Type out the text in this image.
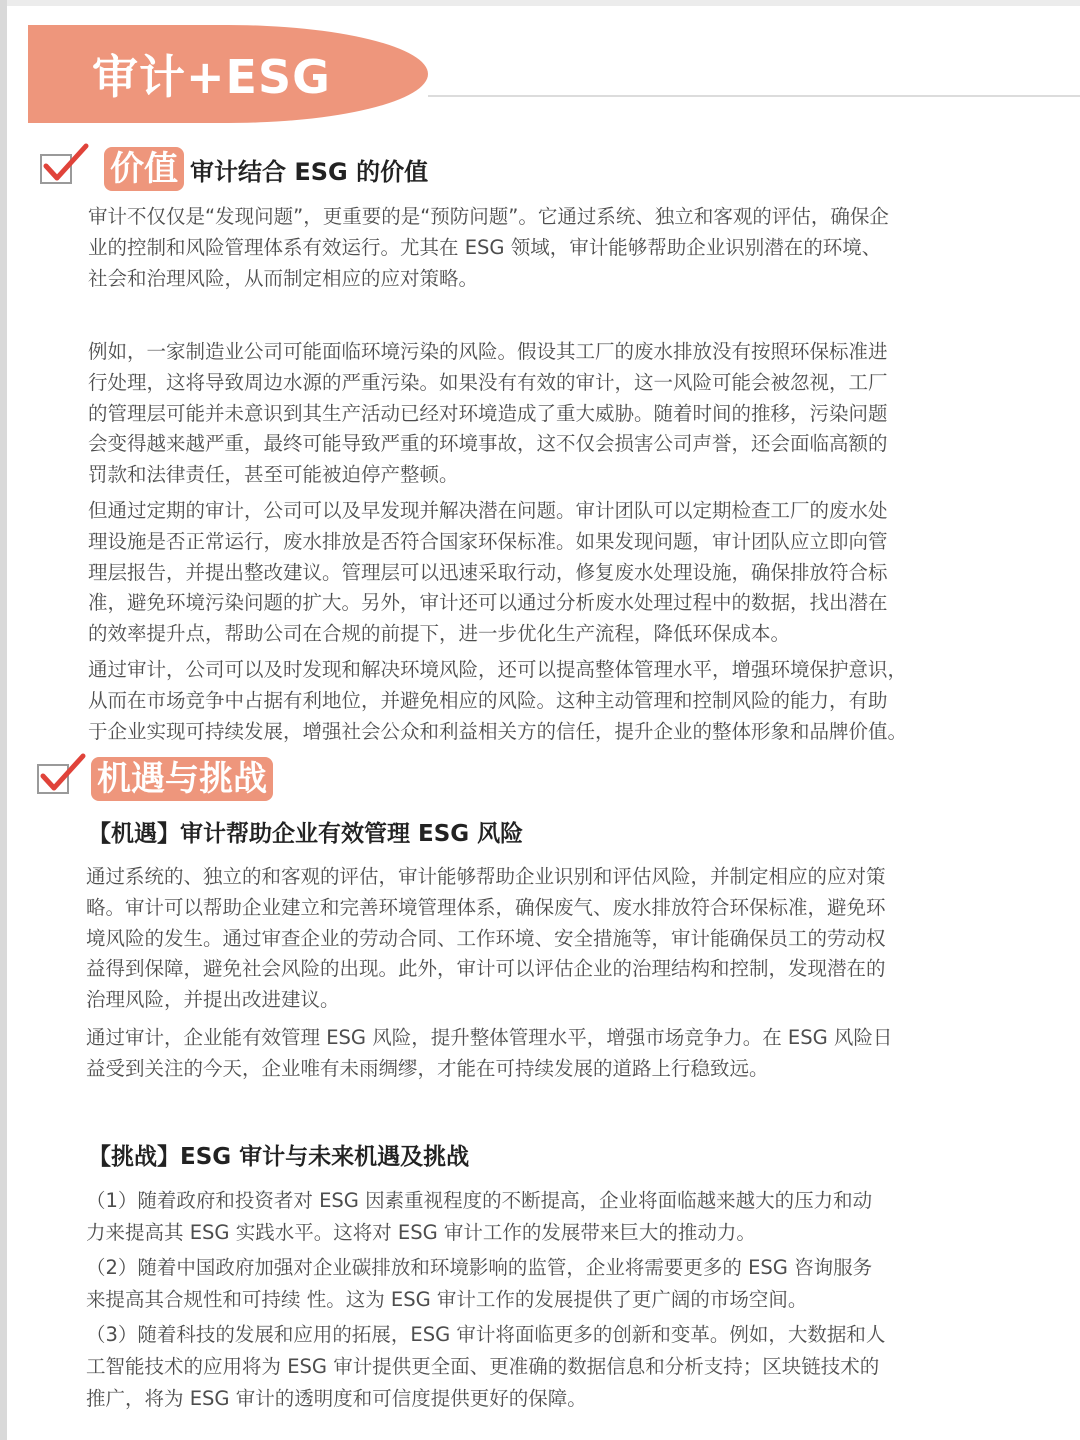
审计+ESG
价值 审计结合 ESG 的价值

审计不仅仅是“发现问题”，更重要的是“预防问题”。它通过系统、独立和客观的评估，确保企
业的控制和风险管理体系有效运行。尤其在 ESG 领域，审计能够帮助企业识别潜在的环境、
社会和治理风险，从而制定相应的应对策略。

例如，一家制造业公司可能面临环境污染的风险。假设其工厂的废水排放没有按照环保标准进
行处理，这将导致周边水源的严重污染。如果没有有效的审计，这一风险可能会被忽视，工厂
的管理层可能并未意识到其生产活动已经对环境造成了重大威胁。随着时间的推移，污染问题
会变得越来越严重，最终可能导致严重的环境事故，这不仅会损害公司声誉，还会面临高额的
罚款和法律责任，甚至可能被迫停产整顿。

但通过定期的审计，公司可以及早发现并解决潜在问题。审计团队可以定期检查工厂的废水处
理设施是否正常运行，废水排放是否符合国家环保标准。如果发现问题，审计团队应立即向管
理层报告，并提出整改建议。管理层可以迅速采取行动，修复废水处理设施，确保排放符合标
准，避免环境污染问题的扩大。另外，审计还可以通过分析废水处理过程中的数据，找出潜在
的效率提升点，帮助公司在合规的前提下，进一步优化生产流程，降低环保成本。

通过审计，公司可以及时发现和解决环境风险，还可以提高整体管理水平，增强环境保护意识，
从而在市场竞争中占据有利地位，并避免相应的风险。这种主动管理和控制风险的能力，有助
于企业实现可持续发展，增强社会公众和利益相关方的信任，提升企业的整体形象和品牌价值。

机遇与挑战
【机遇】审计帮助企业有效管理 ESG 风险

通过系统的、独立的和客观的评估，审计能够帮助企业识别和评估风险，并制定相应的应对策
略。审计可以帮助企业建立和完善环境管理体系，确保废气、废水排放符合环保标准，避免环
境风险的发生。通过审查企业的劳动合同、工作环境、安全措施等，审计能确保员工的劳动权
益得到保障，避免社会风险的出现。此外，审计可以评估企业的治理结构和控制，发现潜在的
治理风险，并提出改进建议。

通过审计，企业能有效管理 ESG 风险，提升整体管理水平，增强市场竞争力。在 ESG 风险日
益受到关注的今天，企业唯有未雨绸缪，才能在可持续发展的道路上行稳致远。

【挑战】ESG 审计与未来机遇及挑战

（1）随着政府和投资者对 ESG 因素重视程度的不断提高，企业将面临越来越大的压力和动
力来提高其 ESG 实践水平。这将对 ESG 审计工作的发展带来巨大的推动力。

（2）随着中国政府加强对企业碳排放和环境影响的监管，企业将需要更多的 ESG 咨询服务
来提高其合规性和可持续 性。这为 ESG 审计工作的发展提供了更广阔的市场空间。

（3）随着科技的发展和应用的拓展，ESG 审计将面临更多的创新和变革。例如，大数据和人
工智能技术的应用将为 ESG 审计提供更全面、更准确的数据信息和分析支持；区块链技术的
推广，将为 ESG 审计的透明度和可信度提供更好的保障。
